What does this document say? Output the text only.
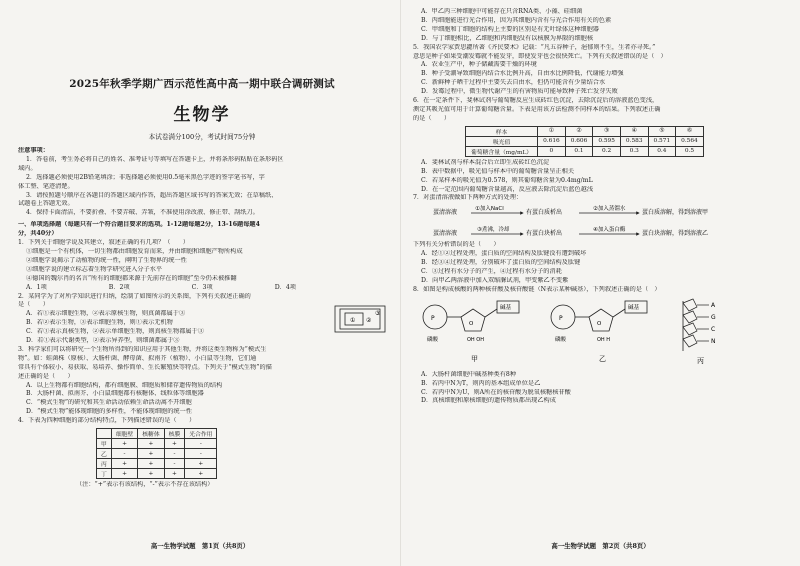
2025年秋季学期广西示范性高中高一期中联合调研测试
生物学
本试卷满分100分，考试时间75分钟
注意事项：
1．答卷前，考生务必将自己的姓名、准考证号等填写在答题卡上，并将条形码粘贴在条形码区
域内。
2．选择题必须使用2B铅笔填涂；非选择题必须使用0.5毫米黑色字迹的签字笔书写，字
体工整、笔迹清楚。
3．请按照题号顺序在各题目的答题区域内作答，超出答题区域书写的答案无效；在草稿纸、
试题卷上答题无效。
4．保持卡面清洁，不要折叠、不要弄破、弄皱，不准使用涂改液、修正带、刮纸刀。
一、单项选择题（每题只有一个符合题目要求的选项。1-12题每题2分，13-16题每题4
分，共40分）
1．下列关于细胞学说及其建立，叙述正确的有几项？（　　）
①细胞是一个有机体，一切生物都由细胞发育而来，并由细胞和细胞产物所构成
②细胞学说揭示了动植物的统一性，阐明了生物界的统一性
③细胞学说的建立标志着生物学研究进入分子水平
④德国的魏尔肖的名言“所有的细胞都来源于先前存在的细胞”至今仍未被推翻
A．1项	B．2项	C．3项	D．4项
2．某同学为了对所学知识进行归纳，绘制了如图所示的关系图，下列有关叙述正确的
是（　　）
A．若①表示细胞生物，②表示原核生物，则真菌都属于③
B．若②表示生物，③表示细胞生物，则①表示无机物
C．若①表示真核生物，②表示单细胞生物，则真核生物都属于③
D．若①表示代谢类型，②表示异养型，则细菌都属于③
① ②
③
3．科学家们可以将研究一个生物所得到的知识应用于其他生物，并将这类生物称为“模式生
物”。如：蛙菌株（原核）、大肠杆菌、酵母菌、拟南芥（植物）、小白鼠等生物，它们通
常具有个体较小、易获取、易培养、操作简单、生长繁殖快等特点。下列关于“模式生物”的描
述正确的是（　　）
A．以上生物都有细胞结构，都有细胞膜、细胞质和储存遗传物质的结构
B．大肠杆菌、拟南芥、小白鼠细胞都有核糖体、线粒体等细胞器
C．“模式生物”的研究和其生命活动依赖生命活动离不开细胞
D．“模式生物”能体现细胞的多样性，不能体现细胞的统一性
4．下表为四种细胞的部分结构特点，下列描述错误的是（　　）
	细胞壁	核糖体	核膜	光合作用
甲	+	+	+	-
乙	-	+	-	-
丙	+	+	-	+
丁	+	+	+	+
（注：“+”表示有该结构，“-”表示不存在该结构）
高一生物学试题　第1页（共8页）
A．甲乙丙三种细胞中可能存在只含RNA类、小藻、硅细菌
B．丙细胞能进行光合作用，因为其细胞内含有与光合作用有关的色素
C．甲细胞和丁细胞的结构上主要的区别是有无叶绿体这种细胞器
D．与丁细胞相比，乙细胞和丙细胞没有以核膜为界限的细胞核
5．我国农学家贾思勰所著《齐民要术》记载：“凡五谷种子，浥郁则不生，生者亦寻死。”
意思是种子如果受潮发霉就不能发芽，即使发芽也会很快死亡。下列有关叙述错误的是（　）
A．农业生产中，种子储藏需要干燥的环境
B．种子受潮导致细胞内结合水比例升高，自由水比例降低，代谢能力增强
C．新鲜种子晒干过程中主要失去自由水，但仍可能含有少量结合水
D．发霉过程中，微生物代谢产生的有害物质可能导致种子死亡发芽失败
6．在一定条件下，斐林试剂与葡萄糖反应生成砖红色沉淀，去除沉淀后的溶液蓝色变浅，
测定其吸光值可用于计算葡萄糖含量。下表是用该方法检测不同样本的结果。下列叙述正确
的是（　　）
样本	①	②	③	④	⑤	⑥
吸光值	0.616	0.606	0.595	0.583	0.571	0.564
葡萄糖含量（mg/mL）	0	0.1	0.2	0.3	0.4	0.5
A．斐林试剂与样本混合后立即生成砖红色沉淀
B．表中数据中，吸光值与样本中的葡萄糖含量呈正相关
C．若某样本的吸光值为0.578，则其葡萄糖含量为0.4mg/mL
D．在一定范围内葡萄糖含量越高，反应液去除沉淀后蓝色越浅
7．对蛋清溶液做如下两种方式的处理：
蛋清溶液	①加入NaCl	有蛋白质析出	②加入蒸馏水	蛋白质溶解，得到溶液甲
蛋清溶液	③煮沸，冷却	有蛋白块析出	④加入蛋白酶	蛋白块溶解，得到溶液乙
下列有关分析错误的是（　　）
A．经①②过程处理，蛋白质的空间结构及肽键没有遭到破坏
B．经③④过程处理，分别破坏了蛋白质的空间结构及肽键
C．③过程有水分子的产生，④过程有水分子的消耗
D．向甲乙两溶液中加入双缩脲试剂，甲变紫乙不变紫
8．如图是构成核酸的两种核苷酸及核苷酸链（N表示某种碱基），下列叙述正确的是（　）
P
O
碱基
OH OH
磷酸
甲
P
O
碱基
OH H
磷酸
乙
A
G
C
N
丙
A．大肠杆菌细胞中碱基种类有8种
B．若丙中N为T，则丙的基本组成单位是乙
C．若丙中N为U，则A所在的核苷酸为脱氧核糖核苷酸
D．真核细胞和原核细胞的遗传物质都出现乙构成
高一生物学试题　第2页（共8页）
